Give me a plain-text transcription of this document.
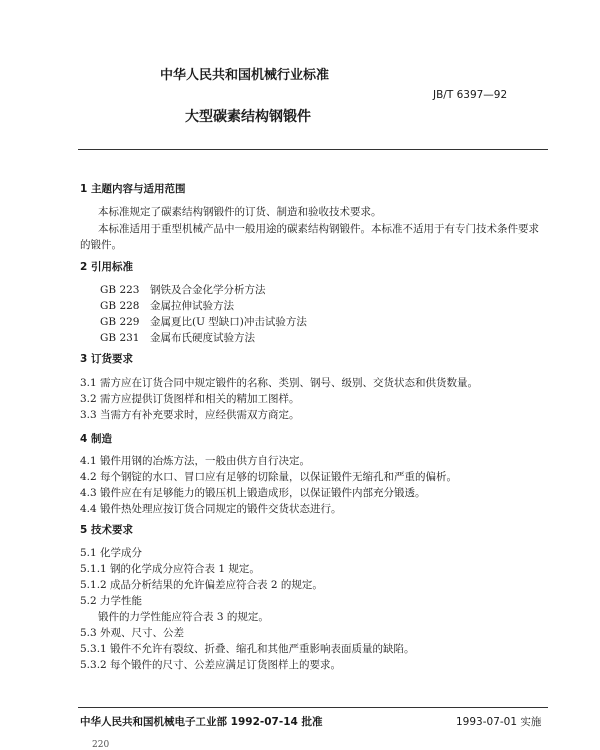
中华人民共和国机械行业标准
JB/T 6397—92
大型碳素结构钢锻件
1 主题内容与适用范围
本标准规定了碳素结构钢锻件的订货、制造和验收技术要求。
本标准适用于重型机械产品中一般用途的碳素结构钢锻件。本标准不适用于有专门技术条件要求
的锻件。
2 引用标准
GB 223 钢铁及合金化学分析方法
GB 228 金属拉伸试验方法
GB 229 金属夏比(U 型缺口)冲击试验方法
GB 231 金属布氏硬度试验方法
3 订货要求
3.1 需方应在订货合同中规定锻件的名称、类别、钢号、级别、交货状态和供货数量。
3.2 需方应提供订货图样和相关的精加工图样。
3.3 当需方有补充要求时，应经供需双方商定。
4 制造
4.1 锻件用钢的冶炼方法，一般由供方自行决定。
4.2 每个钢锭的水口、冒口应有足够的切除量，以保证锻件无缩孔和严重的偏析。
4.3 锻件应在有足够能力的锻压机上锻造成形，以保证锻件内部充分锻透。
4.4 锻件热处理应按订货合同规定的锻件交货状态进行。
5 技术要求
5.1 化学成分
5.1.1 钢的化学成分应符合表 1 规定。
5.1.2 成品分析结果的允许偏差应符合表 2 的规定。
5.2 力学性能
锻件的力学性能应符合表 3 的规定。
5.3 外观、尺寸、公差
5.3.1 锻件不允许有裂纹、折叠、缩孔和其他严重影响表面质量的缺陷。
5.3.2 每个锻件的尺寸、公差应满足订货图样上的要求。
中华人民共和国机械电子工业部 1992-07-14 批准	1993-07-01 实施
220
